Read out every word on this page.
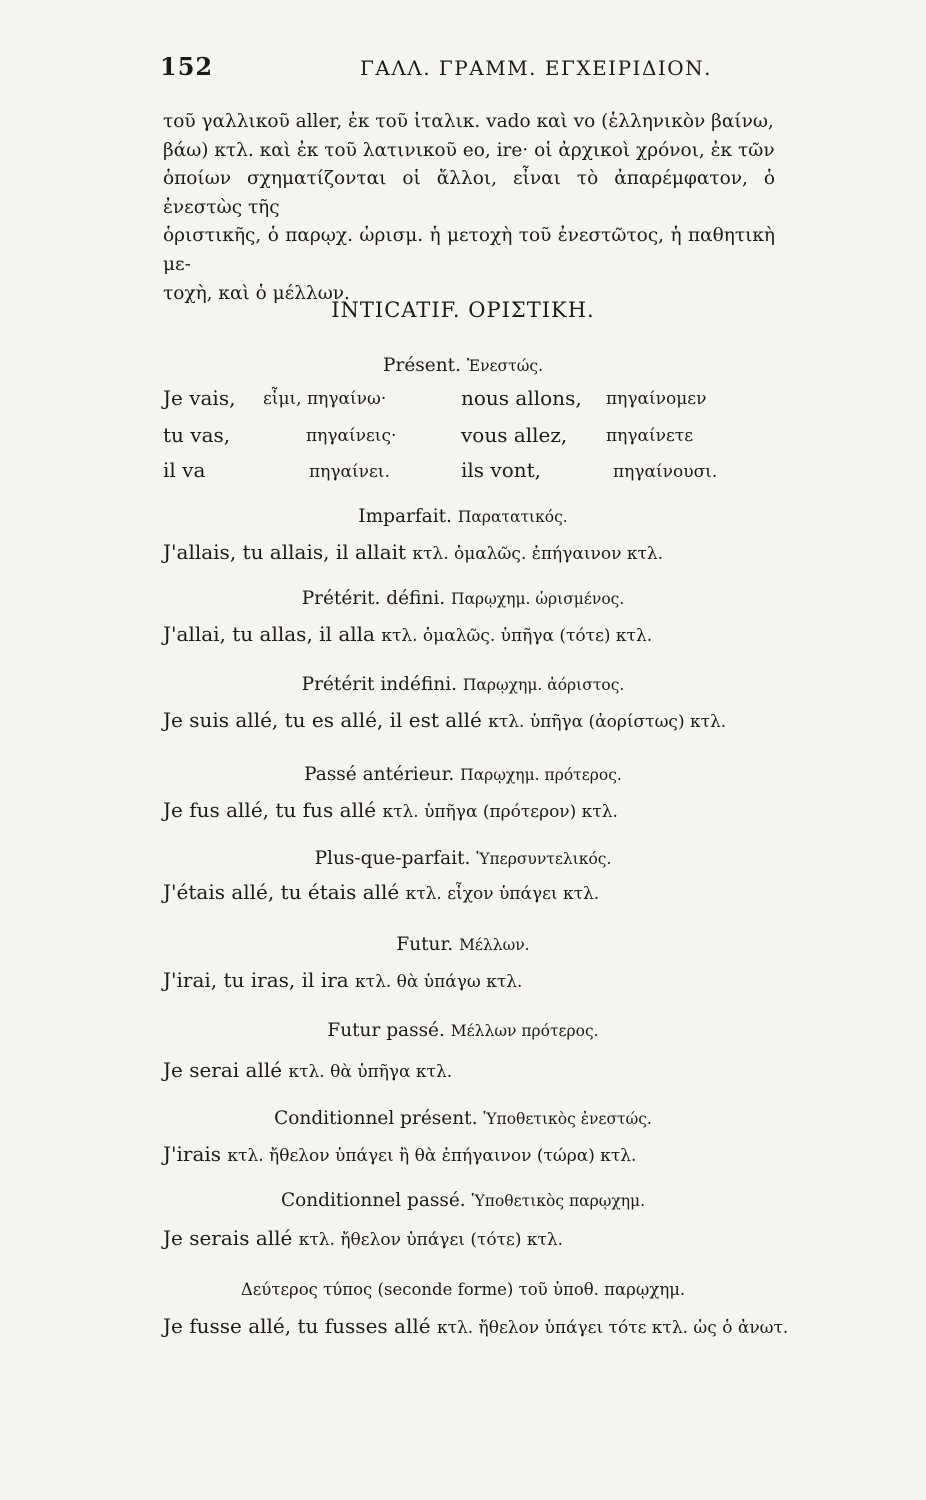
152	ΓΑΛΛ. ΓΡΑΜΜ. ΕΓΧΕΙΡΙΔΙΟΝ.

τοῦ γαλλικοῦ aller, ἐκ τοῦ ἰταλικ. vado καὶ vo (ἑλληνικὸν βαίνω,

βάω) κτλ. καὶ ἐκ τοῦ λατινικοῦ eo, ire· οἱ ἀρχικοὶ χρόνοι, ἐκ τῶν

ὁποίων σχηματίζονται οἱ ἄλλοι, εἶναι τὸ ἀπαρέμφατον, ὁ ἐνεστὼς τῆς

ὁριστικῆς, ὁ παρῳχ. ὡρισμ. ἡ μετοχὴ τοῦ ἐνεστῶτος, ἡ παθητικὴ με-

τοχὴ, καὶ ὁ μέλλων.

INTICATIF. ΟΡΙΣΤΙΚΗ.
Présent. Ἐνεστώς.
Je vais, εἶμι, πηγαίνω·	nous allons, πηγαίνομεν
tu vas,	πηγαίνεις·	vous allez, πηγαίνετε
il va	πηγαίνει.	ils vont,	πηγαίνουσι.
Imparfait. Παρατατικός.
J'allais, tu allais, il allait κτλ. ὁμαλῶς. ἐπήγαινον κτλ.
Prétérit. défini. Παρῳχημ. ὡρισμένος.
J'allai, tu allas, il alla κτλ. ὁμαλῶς. ὑπῆγα (τότε) κτλ.
Prétérit indéfini. Παρῳχημ. ἀόριστος.
Je suis allé, tu es allé, il est allé κτλ. ὑπῆγα (ἀορίστως) κτλ.
Passé antérieur. Παρῳχημ. πρότερος.
Je fus allé, tu fus allé κτλ. ὑπῆγα (πρότερον) κτλ.
Plus-que-parfait. Ὑπερσυντελικός.
J'étais allé, tu étais allé κτλ. εἶχον ὑπάγει κτλ.
Futur. Μέλλων.
J'irai, tu iras, il ira κτλ. θὰ ὑπάγω κτλ.
Futur passé. Μέλλων πρότερος.
Je serai allé κτλ. θὰ ὑπῆγα κτλ.
Conditionnel présent. Ὑποθετικὸς ἐνεστώς.
J'irais κτλ. ἤθελον ὑπάγει ἢ θὰ ἐπήγαινον (τώρα) κτλ.
Conditionnel passé. Ὑποθετικὸς παρῳχημ.
Je serais allé κτλ. ἤθελον ὑπάγει (τότε) κτλ.
Δεύτερος τύπος (seconde forme) τοῦ ὑποθ. παρῳχημ.
Je fusse allé, tu fusses allé κτλ. ἤθελον ὑπάγει τότε κτλ. ὡς ὁ ἀνωτ.
